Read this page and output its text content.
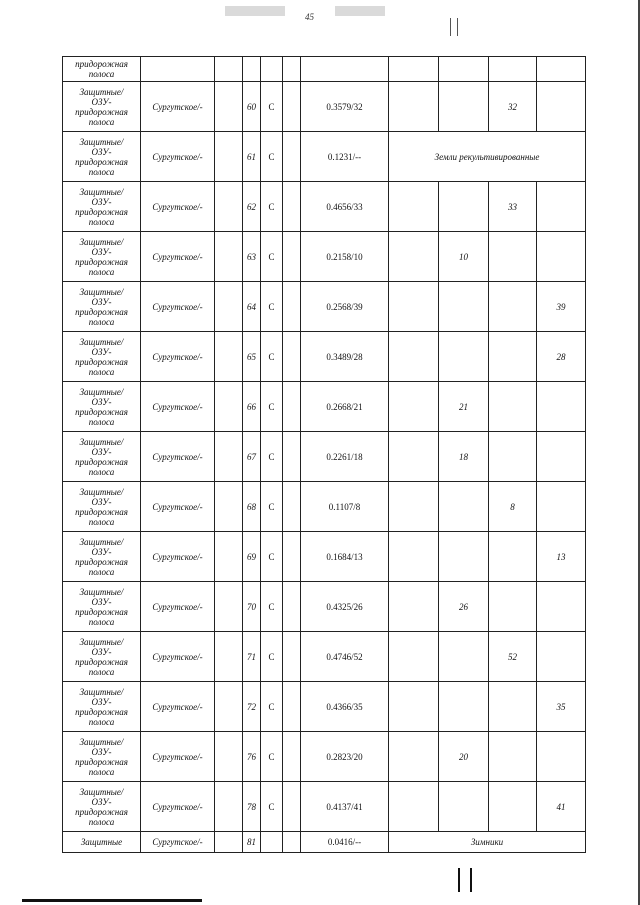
45
придорожная
полоса										
Защитные/
ОЗУ-
придорожная
полоса	Сургутское/-		60	С		0.3579/32			32	
Защитные/
ОЗУ-
придорожная
полоса	Сургутское/-		61	С		0.1231/--	Земли рекультивированные			
Защитные/
ОЗУ-
придорожная
полоса	Сургутское/-		62	С		0.4656/33			33	
Защитные/
ОЗУ-
придорожная
полоса	Сургутское/-		63	С		0.2158/10		10		
Защитные/
ОЗУ-
придорожная
полоса	Сургутское/-		64	С		0.2568/39				39
Защитные/
ОЗУ-
придорожная
полоса	Сургутское/-		65	С		0.3489/28				28
Защитные/
ОЗУ-
придорожная
полоса	Сургутское/-		66	С		0.2668/21		21		
Защитные/
ОЗУ-
придорожная
полоса	Сургутское/-		67	С		0.2261/18		18		
Защитные/
ОЗУ-
придорожная
полоса	Сургутское/-		68	С		0.1107/8			8	
Защитные/
ОЗУ-
придорожная
полоса	Сургутское/-		69	С		0.1684/13				13
Защитные/
ОЗУ-
придорожная
полоса	Сургутское/-		70	С		0.4325/26		26		
Защитные/
ОЗУ-
придорожная
полоса	Сургутское/-		71	С		0.4746/52			52	
Защитные/
ОЗУ-
придорожная
полоса	Сургутское/-		72	С		0.4366/35				35
Защитные/
ОЗУ-
придорожная
полоса	Сургутское/-		76	С		0.2823/20		20		
Защитные/
ОЗУ-
придорожная
полоса	Сургутское/-		78	С		0.4137/41				41
Защитные	Сургутское/-		81			0.0416/--	Зимники			
